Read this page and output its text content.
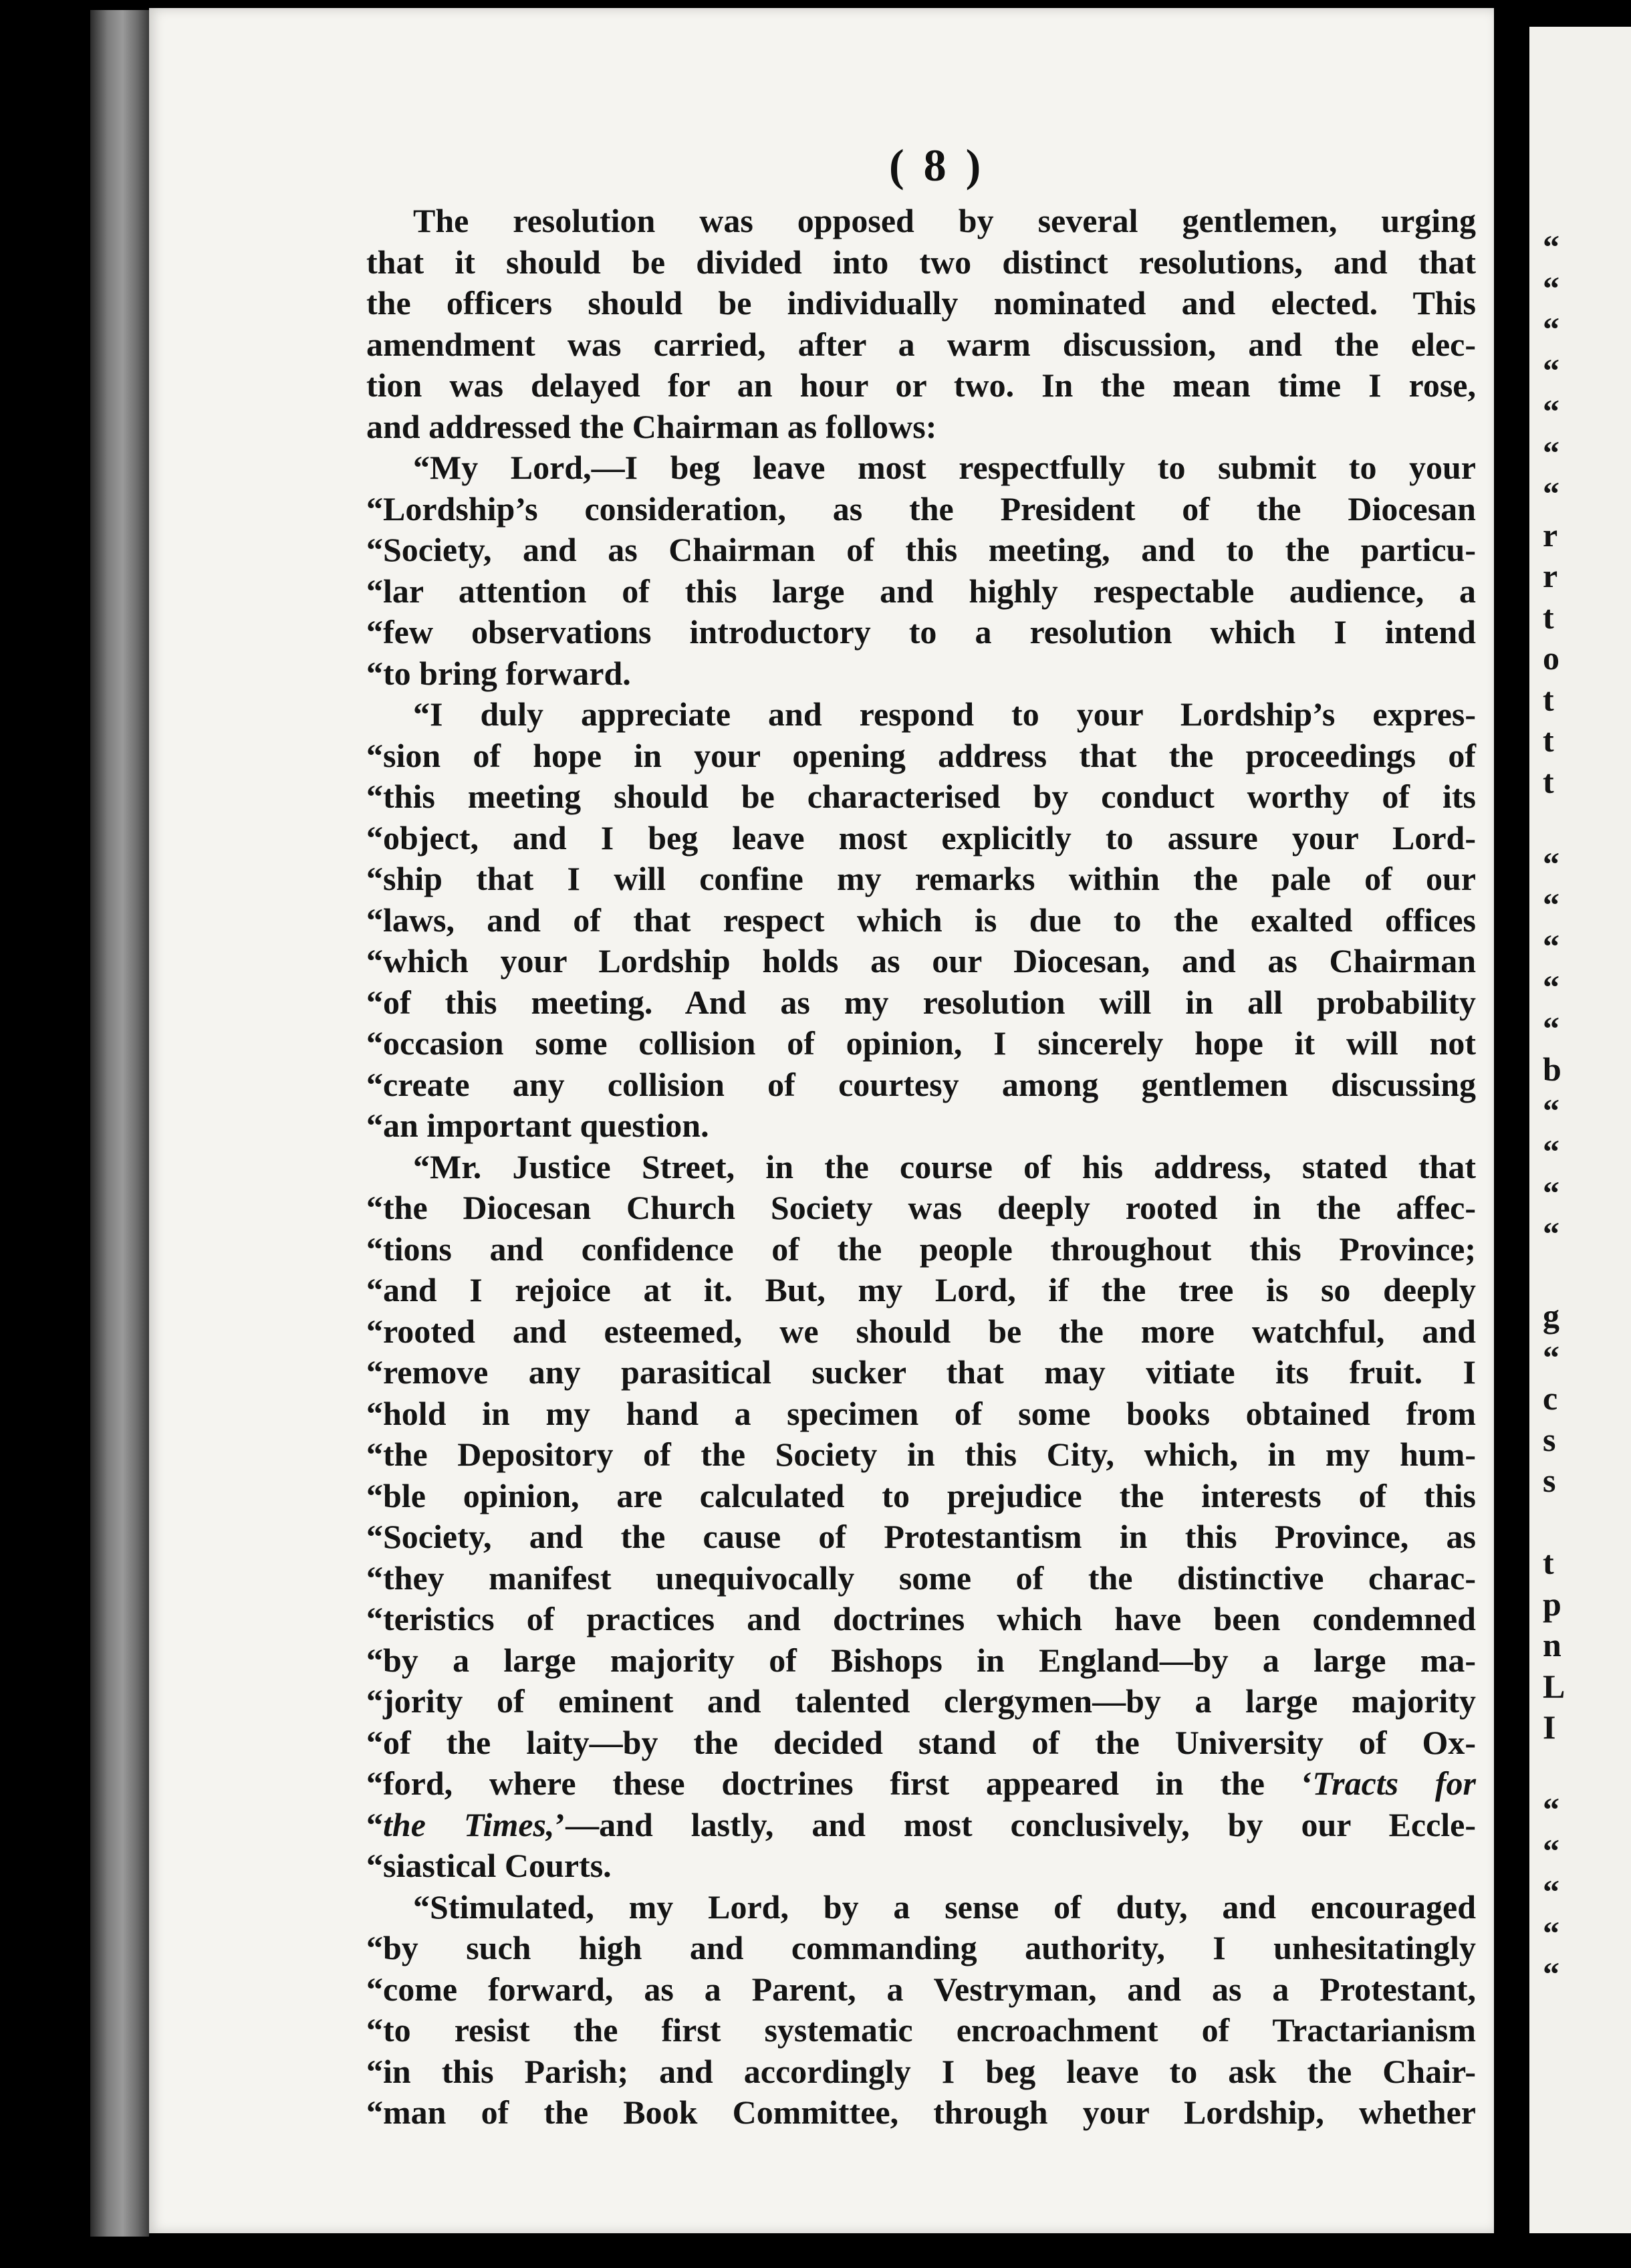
( 8 )
The resolution was opposed by several gentlemen, urging
that it should be divided into two distinct resolutions, and that
the officers should be individually nominated and elected. This
amendment was carried, after a warm discussion, and the elec-
tion was delayed for an hour or two. In the mean time I rose,
and addressed the Chairman as follows:
“My Lord,—I beg leave most respectfully to submit to your
“Lordship’s consideration, as the President of the Diocesan
“Society, and as Chairman of this meeting, and to the particu-
“lar attention of this large and highly respectable audience, a
“few observations introductory to a resolution which I intend
“to bring forward.
“I duly appreciate and respond to your Lordship’s expres-
“sion of hope in your opening address that the proceedings of
“this meeting should be characterised by conduct worthy of its
“object, and I beg leave most explicitly to assure your Lord-
“ship that I will confine my remarks within the pale of our
“laws, and of that respect which is due to the exalted offices
“which your Lordship holds as our Diocesan, and as Chairman
“of this meeting. And as my resolution will in all probability
“occasion some collision of opinion, I sincerely hope it will not
“create any collision of courtesy among gentlemen discussing
“an important question.
“Mr. Justice Street, in the course of his address, stated that
“the Diocesan Church Society was deeply rooted in the affec-
“tions and confidence of the people throughout this Province;
“and I rejoice at it. But, my Lord, if the tree is so deeply
“rooted and esteemed, we should be the more watchful, and
“remove any parasitical sucker that may vitiate its fruit. I
“hold in my hand a specimen of some books obtained from
“the Depository of the Society in this City, which, in my hum-
“ble opinion, are calculated to prejudice the interests of this
“Society, and the cause of Protestantism in this Province, as
“they manifest unequivocally some of the distinctive charac-
“teristics of practices and doctrines which have been condemned
“by a large majority of Bishops in England—by a large ma-
“jority of eminent and talented clergymen—by a large majority
“of the laity—by the decided stand of the University of Ox-
“ford, where these doctrines first appeared in the ‘Tracts for
“the Times,’—and lastly, and most conclusively, by our Eccle-
“siastical Courts.
“Stimulated, my Lord, by a sense of duty, and encouraged
“by such high and commanding authority, I unhesitatingly
“come forward, as a Parent, a Vestryman, and as a Protestant,
“to resist the first systematic encroachment of Tractarianism
“in this Parish; and accordingly I beg leave to ask the Chair-
“man of the Book Committee, through your Lordship, whether
“
“
“
“
“
“
“
r
r
t
o
t
t
t
“
“
“
“
“
b
“
“
“
“
g
“
c
s
s
t
p
n
L
I
“
“
“
“
“
